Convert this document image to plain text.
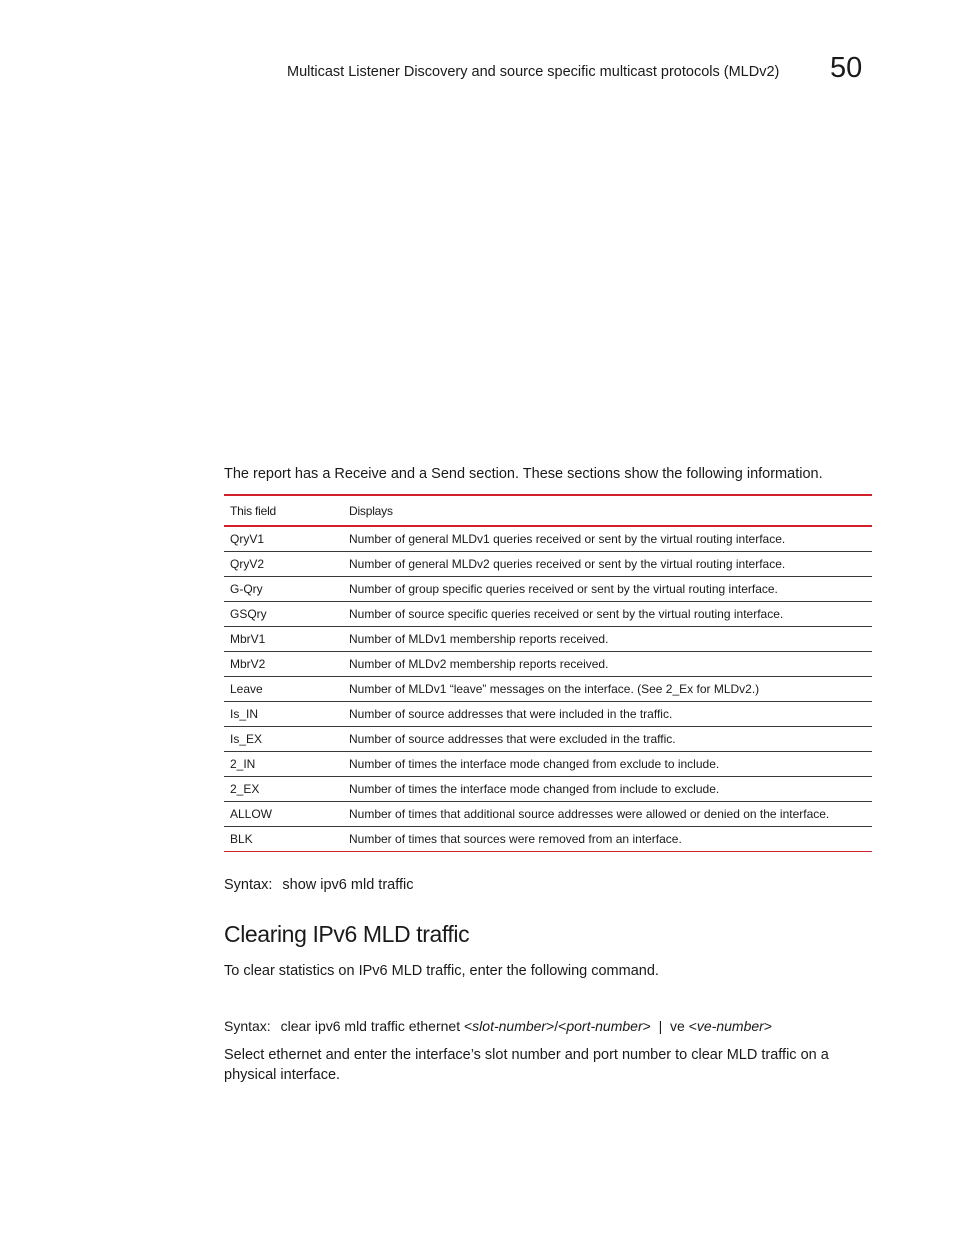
Multicast Listener Discovery and source specific multicast protocols (MLDv2)	50
The report has a Receive and a Send section. These sections show the following information.
This field	Displays
QryV1	Number of general MLDv1 queries received or sent by the virtual routing interface.
QryV2	Number of general MLDv2 queries received or sent by the virtual routing interface.
G-Qry	Number of group specific queries received or sent by the virtual routing interface.
GSQry	Number of source specific queries received or sent by the virtual routing interface.
MbrV1	Number of MLDv1 membership reports received.
MbrV2	Number of MLDv2 membership reports received.
Leave	Number of MLDv1 “leave” messages on the interface. (See 2_Ex for MLDv2.)
Is_IN	Number of source addresses that were included in the traffic.
Is_EX	Number of source addresses that were excluded in the traffic.
2_IN	Number of times the interface mode changed from exclude to include.
2_EX	Number of times the interface mode changed from include to exclude.
ALLOW	Number of times that additional source addresses were allowed or denied on the interface.
BLK	Number of times that sources were removed from an interface.
Syntax: show ipv6 mld traffic
Clearing IPv6 MLD traffic
To clear statistics on IPv6 MLD traffic, enter the following command.
Syntax: clear ipv6 mld traffic ethernet <slot-number>/<port-number> | ve <ve-number>
Select ethernet and enter the interface’s slot number and port number to clear MLD traffic on a physical interface.
